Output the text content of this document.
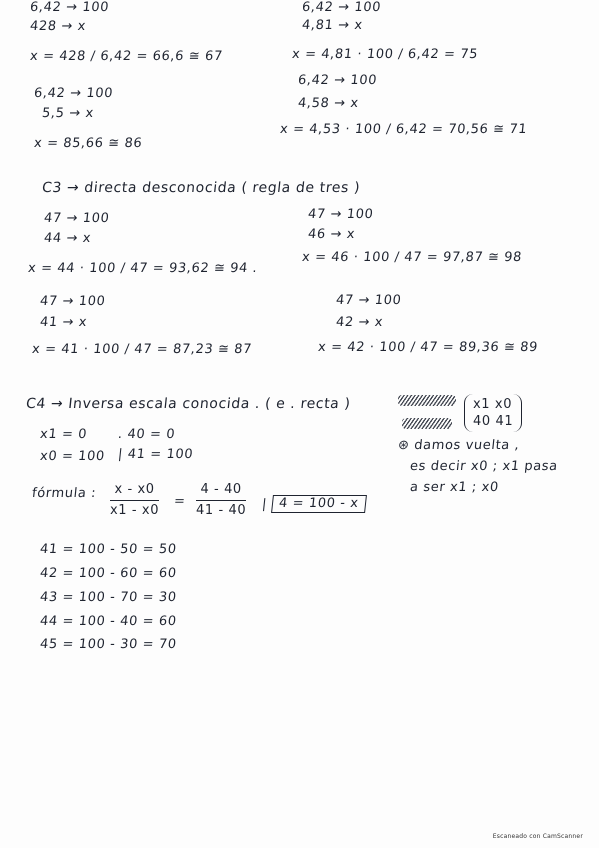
6,42 → 100
428 → x
x = 428 / 6,42 = 66,6 ≅ 67
6,42 → 100
5,5 → x
x = 85,66 ≅ 86
6,42 → 100
4,81 → x
x = 4,81 · 100 / 6,42 = 75
6,42 → 100
4,58 → x
x = 4,53 · 100 / 6,42 = 70,56 ≅ 71
C3 → directa desconocida ( regla de tres )
47 → 100
44 → x
x = 44 · 100 / 47 = 93,62 ≅ 94 .
47 → 100
41 → x
x = 41 · 100 / 47 = 87,23 ≅ 87
47 → 100
46 → x
x = 46 · 100 / 47 = 97,87 ≅ 98
47 → 100
42 → x
x = 42 · 100 / 47 = 89,36 ≅ 89
C4 → Inversa escala conocida . ( e . recta )	x1 x0
40 41
⊛ damos vuelta ,
es decir x0 ; x1 pasa
a ser x1 ; x0
x1 = 0
x0 = 100
. 40 = 0
| 41 = 100
fórmula :	x - x0
x1 - x0
=
4 - 40
41 - 40 | 4 = 100 - x
41 = 100 - 50 = 50
42 = 100 - 60 = 60
43 = 100 - 70 = 30
44 = 100 - 40 = 60
45 = 100 - 30 = 70
Escaneado con CamScanner
